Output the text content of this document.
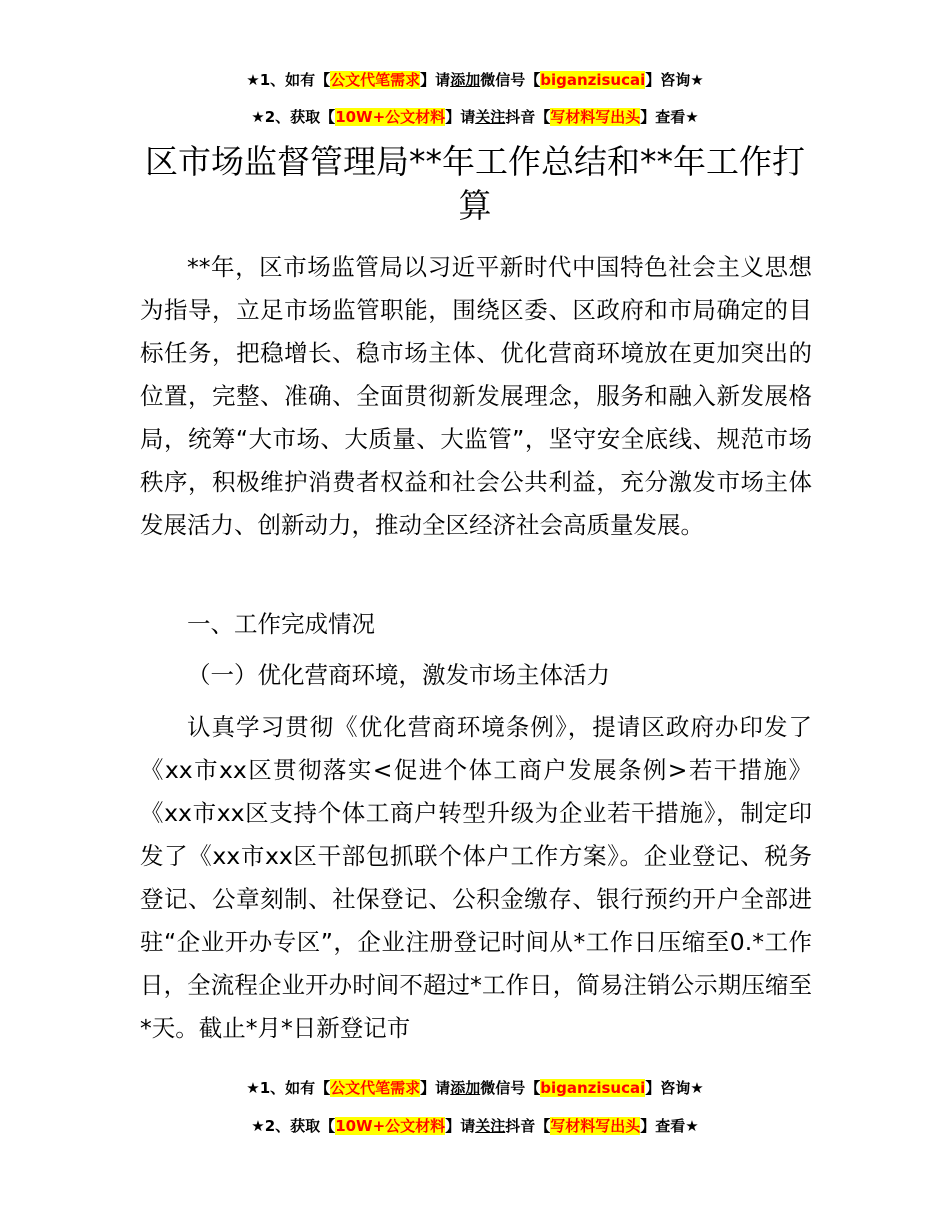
★1、如有【公文代笔需求】请添加微信号【biganzisucai】咨询★
★2、获取【10W+公文材料】请关注抖音【写材料写出头】查看★
区市场监督管理局**年工作总结和**年工作打算

**年，区市场监管局以习近平新时代中国特色社会主义思想为指导，立足市场监管职能，围绕区委、区政府和市局确定的目标任务，把稳增长、稳市场主体、优化营商环境放在更加突出的位置，完整、准确、全面贯彻新发展理念，服务和融入新发展格局，统筹“大市场、大质量、大监管”，坚守安全底线、规范市场秩序，积极维护消费者权益和社会公共利益，充分激发市场主体发展活力、创新动力，推动全区经济社会高质量发展。

一、工作完成情况

（一）优化营商环境，激发市场主体活力

认真学习贯彻《优化营商环境条例》，提请区政府办印发了《xx市xx区贯彻落实<促进个体工商户发展条例>若干措施》《xx市xx区支持个体工商户转型升级为企业若干措施》，制定印发了《xx市xx区干部包抓联个体户工作方案》。企业登记、税务登记、公章刻制、社保登记、公积金缴存、银行预约开户全部进驻“企业开办专区”，企业注册登记时间从*工作日压缩至0.*工作日，全流程企业开办时间不超过*工作日，简易注销公示期压缩至*天。截止*月*日新登记市

★1、如有【公文代笔需求】请添加微信号【biganzisucai】咨询★
★2、获取【10W+公文材料】请关注抖音【写材料写出头】查看★
